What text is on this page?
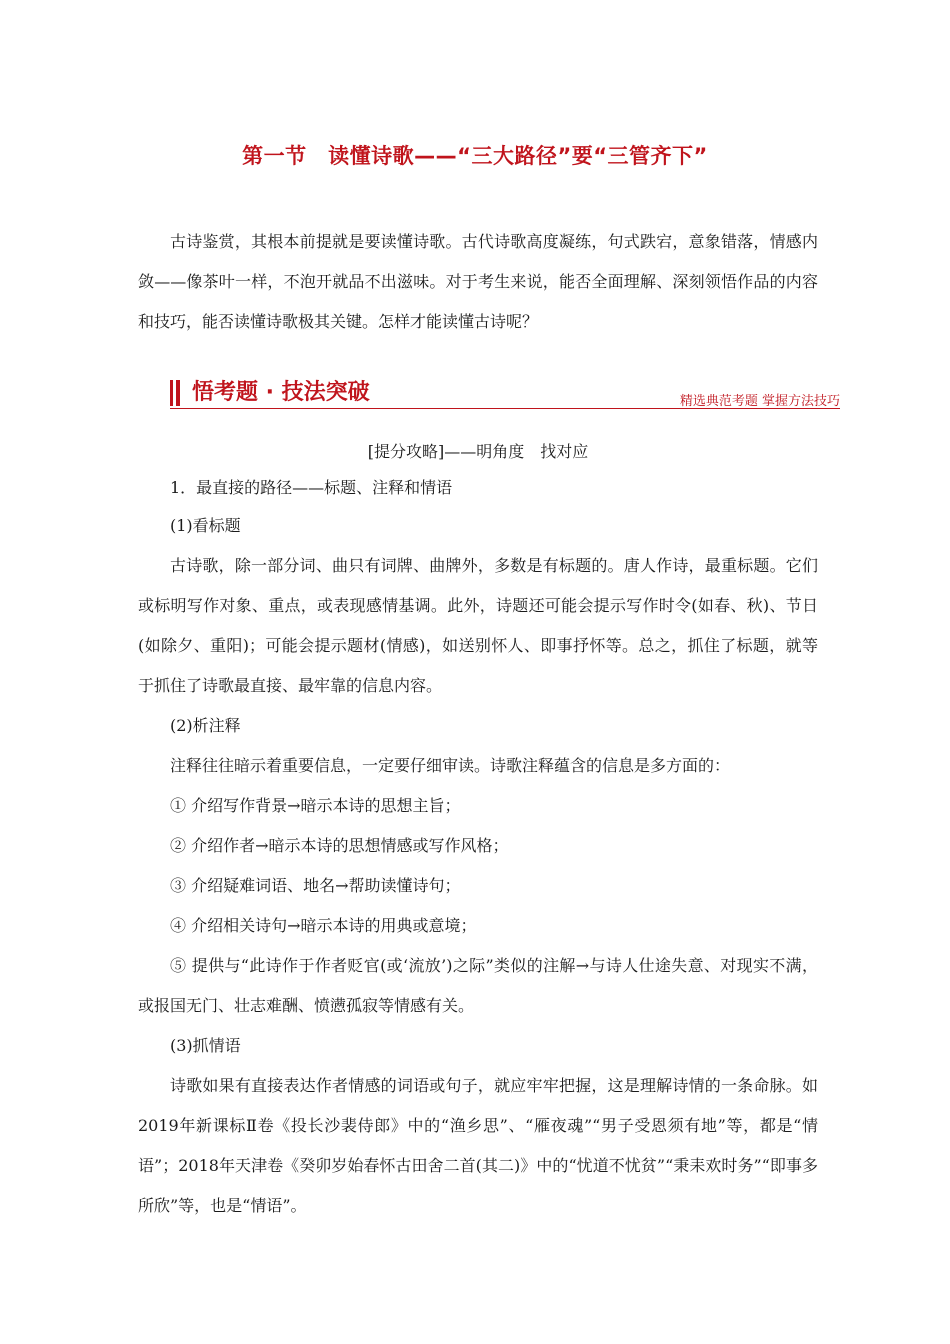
第一节　读懂诗歌——“三大路径”要“三管齐下”

古诗鉴赏，其根本前提就是要读懂诗歌。古代诗歌高度凝练，句式跌宕，意象错落，情感内敛——像茶叶一样，不泡开就品不出滋味。对于考生来说，能否全面理解、深刻领悟作品的内容和技巧，能否读懂诗歌极其关键。怎样才能读懂古诗呢？

悟考题 · 技法突破	精选典范考题 掌握方法技巧
[提分攻略]——明角度　找对应
1．最直接的路径——标题、注释和情语
(1)看标题

古诗歌，除一部分词、曲只有词牌、曲牌外，多数是有标题的。唐人作诗，最重标题。它们或标明写作对象、重点，或表现感情基调。此外，诗题还可能会提示写作时令(如春、秋)、节日(如除夕、重阳)；可能会提示题材(情感)，如送别怀人、即事抒怀等。总之，抓住了标题，就等于抓住了诗歌最直接、最牢靠的信息内容。

(2)析注释

注释往往暗示着重要信息，一定要仔细审读。诗歌注释蕴含的信息是多方面的：

① 介绍写作背景→暗示本诗的思想主旨；

② 介绍作者→暗示本诗的思想情感或写作风格；

③ 介绍疑难词语、地名→帮助读懂诗句；

④ 介绍相关诗句→暗示本诗的用典或意境；

⑤ 提供与“此诗作于作者贬官(或‘流放’)之际”类似的注解→与诗人仕途失意、对现实不满，或报国无门、壮志难酬、愤懑孤寂等情感有关。

(3)抓情语

诗歌如果有直接表达作者情感的词语或句子，就应牢牢把握，这是理解诗情的一条命脉。如2019年新课标Ⅱ卷《投长沙裴侍郎》中的“渔乡思”、“雁夜魂”“男子受恩须有地”等，都是“情语”；2018年天津卷《癸卯岁始春怀古田舍二首(其二)》中的“忧道不忧贫”“秉耒欢时务”“即事多所欣”等，也是“情语”。
